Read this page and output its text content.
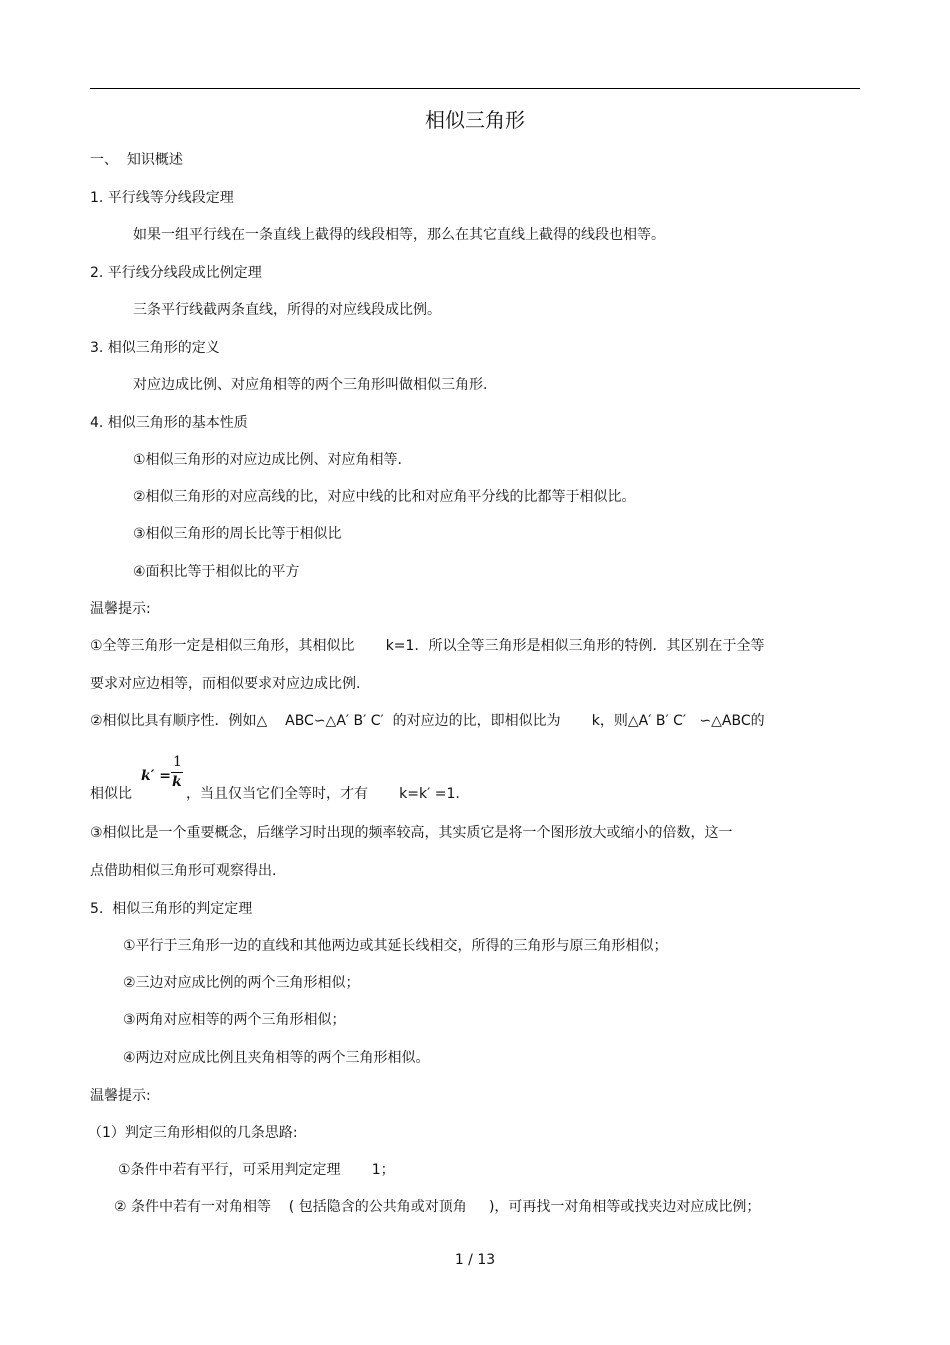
相似三角形
一、  知识概述
1. 平行线等分线段定理
如果一组平行线在一条直线上截得的线段相等，那么在其它直线上截得的线段也相等。
2. 平行线分线段成比例定理
三条平行线截两条直线，所得的对应线段成比例。
3. 相似三角形的定义
对应边成比例、对应角相等的两个三角形叫做相似三角形.
4. 相似三角形的基本性质
①相似三角形的对应边成比例、对应角相等.
②相似三角形的对应高线的比，对应中线的比和对应角平分线的比都等于相似比。
③相似三角形的周长比等于相似比
④面积比等于相似比的平方
温馨提示:
①全等三角形一定是相似三角形，其相似比       k=1．所以全等三角形是相似三角形的特例．其区别在于全等
要求对应边相等，而相似要求对应边成比例.
②相似比具有顺序性．例如△    ABC∽△A′ B′ C′  的对应边的比，即相似比为       k，则△A′ B′ C′   ∽△ABC的
相似比	，当且仅当它们全等时，才有       k=k′ =1.
③相似比是一个重要概念，后继学习时出现的频率较高，其实质它是将一个图形放大或缩小的倍数，这一
点借助相似三角形可观察得出.
5.  相似三角形的判定定理
①平行于三角形一边的直线和其他两边或其延长线相交，所得的三角形与原三角形相似；
②三边对应成比例的两个三角形相似；
③两角对应相等的两个三角形相似；
④两边对应成比例且夹角相等的两个三角形相似。
温馨提示:
（1）判定三角形相似的几条思路:
①条件中若有平行，可采用判定定理       1；
② 条件中若有一对角相等    ( 包括隐含的公共角或对顶角     )，可再找一对角相等或找夹边对应成比例；
k′ =
1
k
1 / 13
